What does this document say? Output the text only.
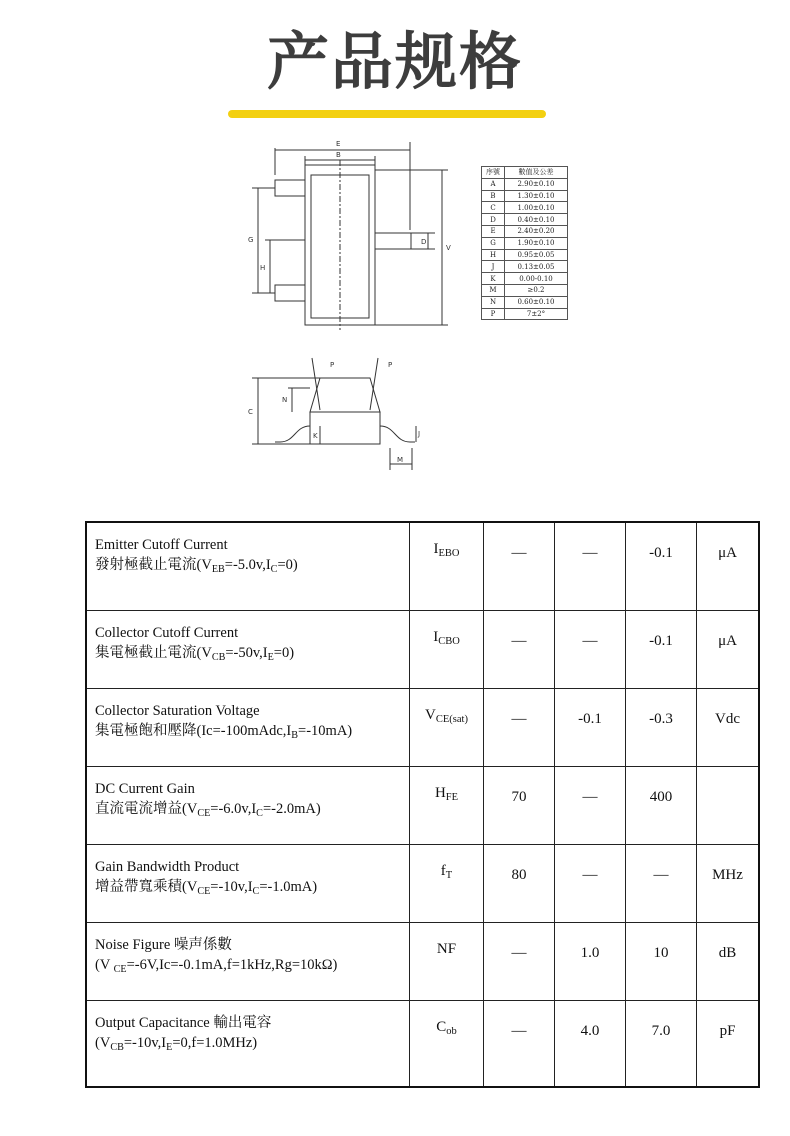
产品规格
E
B
V
G
H
D
P	P
C
N
K	J
M
序號	數值及公差
A	2.90±0.10
B	1.30±0.10
C	1.00±0.10
D	0.40±0.10
E	2.40±0.20
G	1.90±0.10
H	0.95±0.05
J	0.13±0.05
K	0.00-0.10
M	≥0.2
N	0.60±0.10
P	7±2°
Emitter Cutoff Current
發射極截止電流$(V_{EB}=-5.0v,I_C=0)$	$I_{EBO}$	—	—	-0.1	μA

Collector Cutoff Current
集電極截止電流$(V_{CB}=-50v,I_E=0)$	$I_{CBO}$	—	—	-0.1	μA

Collector Saturation Voltage
集電極飽和壓降$(Ic=-100mAdc,I_B=-10mA)$	$V_{CE(sat)}$	—	-0.1	-0.3	Vdc

DC Current Gain
直流電流增益$(V_{CE}=-6.0v,I_C=-2.0mA)$	$H_{FE}$	70	—	400	

Gain Bandwidth Product
增益帶寬乘積$(V_{CE}=-10v,I_C=-1.0mA)$	$f_T$	80	—	—	MHz

Noise Figure 噪声係數
(V $_{CE}$=-6V,Ic=-0.1mA,f=1kHz,Rg=10kΩ)	NF	—	1.0	10	dB

Output Capacitance 輸出電容
$(V_{CB}=-10v,I_E=0,f=1.0MHz)$	$C_{ob}$	—	4.0	7.0	pF
